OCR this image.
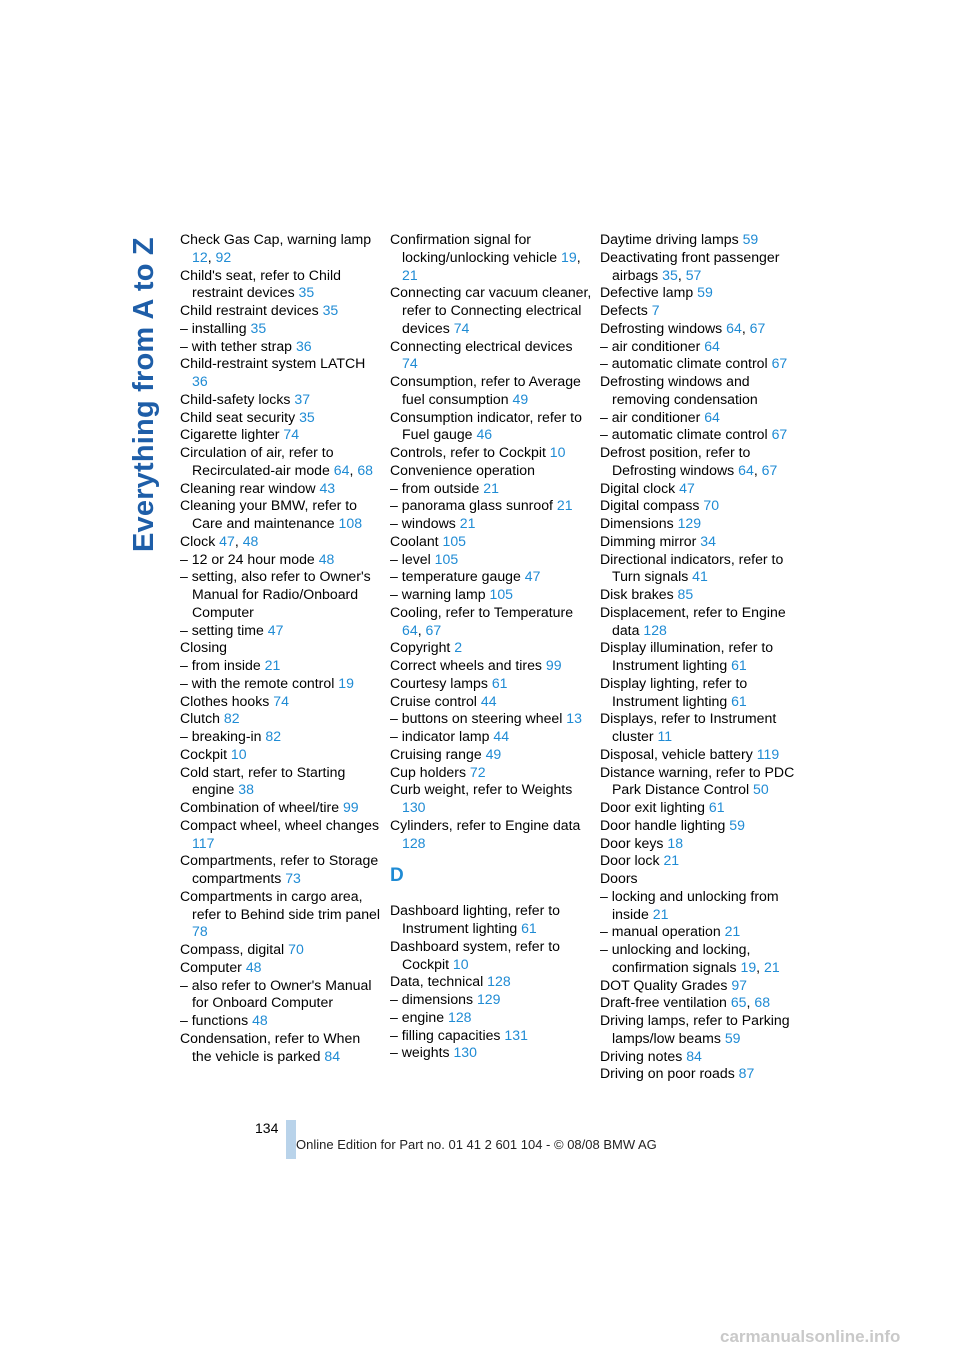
Everything from A to Z Check Gas Cap, warning lamp 12, 92
Child's seat, refer to Child restraint devices 35
Child restraint devices 35
– installing 35
– with tether strap 36
Child-restraint system LATCH 36
Child-safety locks 37
Child seat security 35
Cigarette lighter 74
Circulation of air, refer to Recirculated-air mode 64, 68
Cleaning rear window 43
Cleaning your BMW, refer to Care and maintenance 108
Clock 47, 48
– 12 or 24 hour mode 48
– setting, also refer to Owner's Manual for Radio/Onboard Computer
– setting time 47
Closing
– from inside 21
– with the remote control 19
Clothes hooks 74
Clutch 82
– breaking-in 82
Cockpit 10
Cold start, refer to Starting engine 38
Combination of wheel/tire 99
Compact wheel, wheel changes 117
Compartments, refer to Storage compartments 73
Compartments in cargo area, refer to Behind side trim panel 78
Compass, digital 70
Computer 48
– also refer to Owner's Manual for Onboard Computer
– functions 48
Condensation, refer to When the vehicle is parked 84
Confirmation signal for locking/unlocking vehicle 19, 21
Connecting car vacuum cleaner, refer to Connecting electrical devices 74
Connecting electrical devices 74
Consumption, refer to Average fuel consumption 49
Consumption indicator, refer to Fuel gauge 46
Controls, refer to Cockpit 10
Convenience operation
– from outside 21
– panorama glass sunroof 21
– windows 21
Coolant 105
– level 105
– temperature gauge 47
– warning lamp 105
Cooling, refer to Temperature 64, 67
Copyright 2
Correct wheels and tires 99
Courtesy lamps 61
Cruise control 44
– buttons on steering wheel 13
– indicator lamp 44
Cruising range 49
Cup holders 72
Curb weight, refer to Weights 130
Cylinders, refer to Engine data 128
D
Dashboard lighting, refer to Instrument lighting 61
Dashboard system, refer to Cockpit 10
Data, technical 128
– dimensions 129
– engine 128
– filling capacities 131
– weights 130
Daytime driving lamps 59
Deactivating front passenger airbags 35, 57
Defective lamp 59
Defects 7
Defrosting windows 64, 67
– air conditioner 64
– automatic climate control 67
Defrosting windows and removing condensation
– air conditioner 64
– automatic climate control 67
Defrost position, refer to Defrosting windows 64, 67
Digital clock 47
Digital compass 70
Dimensions 129
Dimming mirror 34
Directional indicators, refer to Turn signals 41
Disk brakes 85
Displacement, refer to Engine data 128
Display illumination, refer to Instrument lighting 61
Display lighting, refer to Instrument lighting 61
Displays, refer to Instrument cluster 11
Disposal, vehicle battery 119
Distance warning, refer to PDC Park Distance Control 50
Door exit lighting 61
Door handle lighting 59
Door keys 18
Door lock 21
Doors
– locking and unlocking from inside 21
– manual operation 21
– unlocking and locking, confirmation signals 19, 21
DOT Quality Grades 97
Draft-free ventilation 65, 68
Driving lamps, refer to Parking lamps/low beams 59
Driving notes 84
Driving on poor roads 87
134
Online Edition for Part no. 01 41 2 601 104 - © 08/08 BMW AG
carmanualsonline.info
